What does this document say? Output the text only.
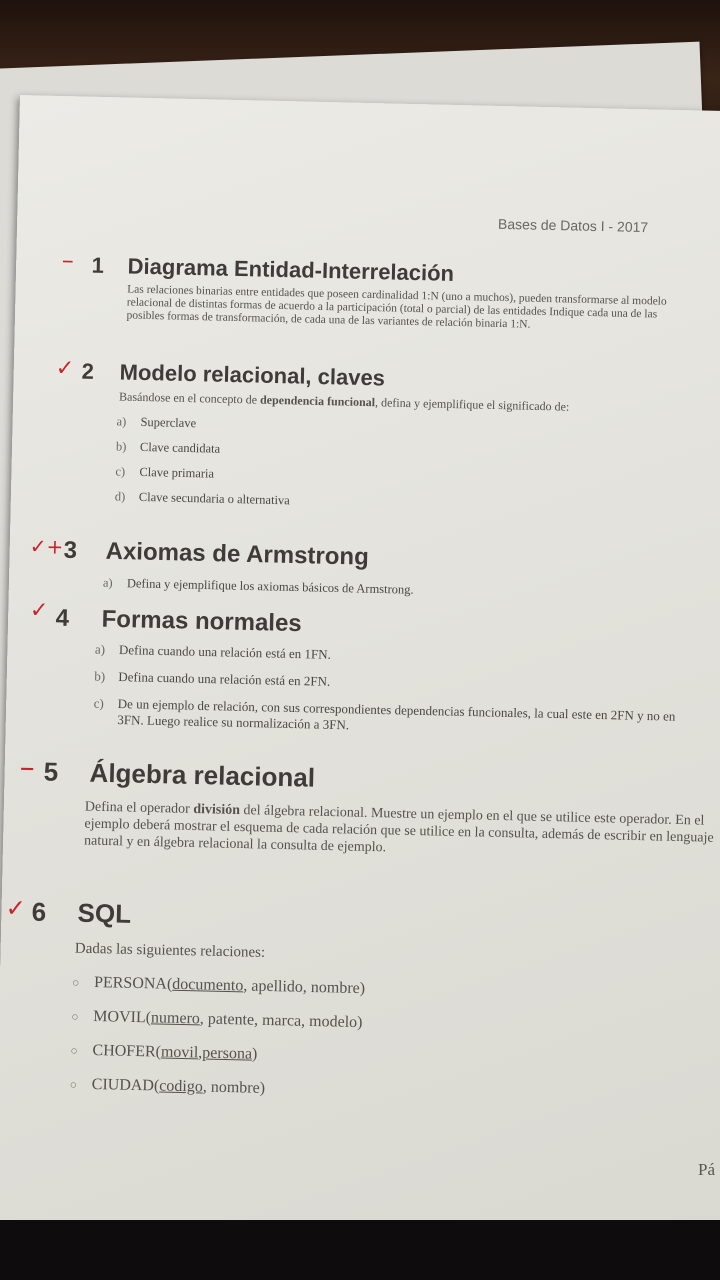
Bases de Datos I - 2017
– 1 Diagrama Entidad-Interrelación

Las relaciones binarias entre entidades que poseen cardinalidad 1:N (uno a muchos), pueden transformarse al modelo relacional de distintas formas de acuerdo a la participación (total o parcial) de las entidades Indique cada una de las posibles formas de transformación, de cada una de las variantes de relación binaria 1:N.

✓ 2 Modelo relacional, claves

Basándose en el concepto de dependencia funcional, defina y ejemplifique el significado de:

a)	Superclave
b)	Clave candidata
c)	Clave primaria
d)	Clave secundaria o alternativa
✓+ 3 Axiomas de Armstrong
a)	Defina y ejemplifique los axiomas básicos de Armstrong.
✓ 4 Formas normales
a)	Defina cuando una relación está en 1FN.
b) Defina cuando una relación está en 2FN.
c)	De un ejemplo de relación, con sus correspondientes dependencias funcionales, la cual este en 2FN y no en 3FN. Luego realice su normalización a 3FN.
– 5 Álgebra relacional

Defina el operador división del álgebra relacional. Muestre un ejemplo en el que se utilice este operador. En el ejemplo deberá mostrar el esquema de cada relación que se utilice en la consulta, además de escribir en lenguaje natural y en álgebra relacional la consulta de ejemplo.

✓ 6 SQL

Dadas las siguientes relaciones:

○ PERSONA( documento , apellido, nombre)
○ MOVIL( numero , patente, marca, modelo)
○ CHOFER( movil , persona )
○ CIUDAD( codigo , nombre)
Pá
